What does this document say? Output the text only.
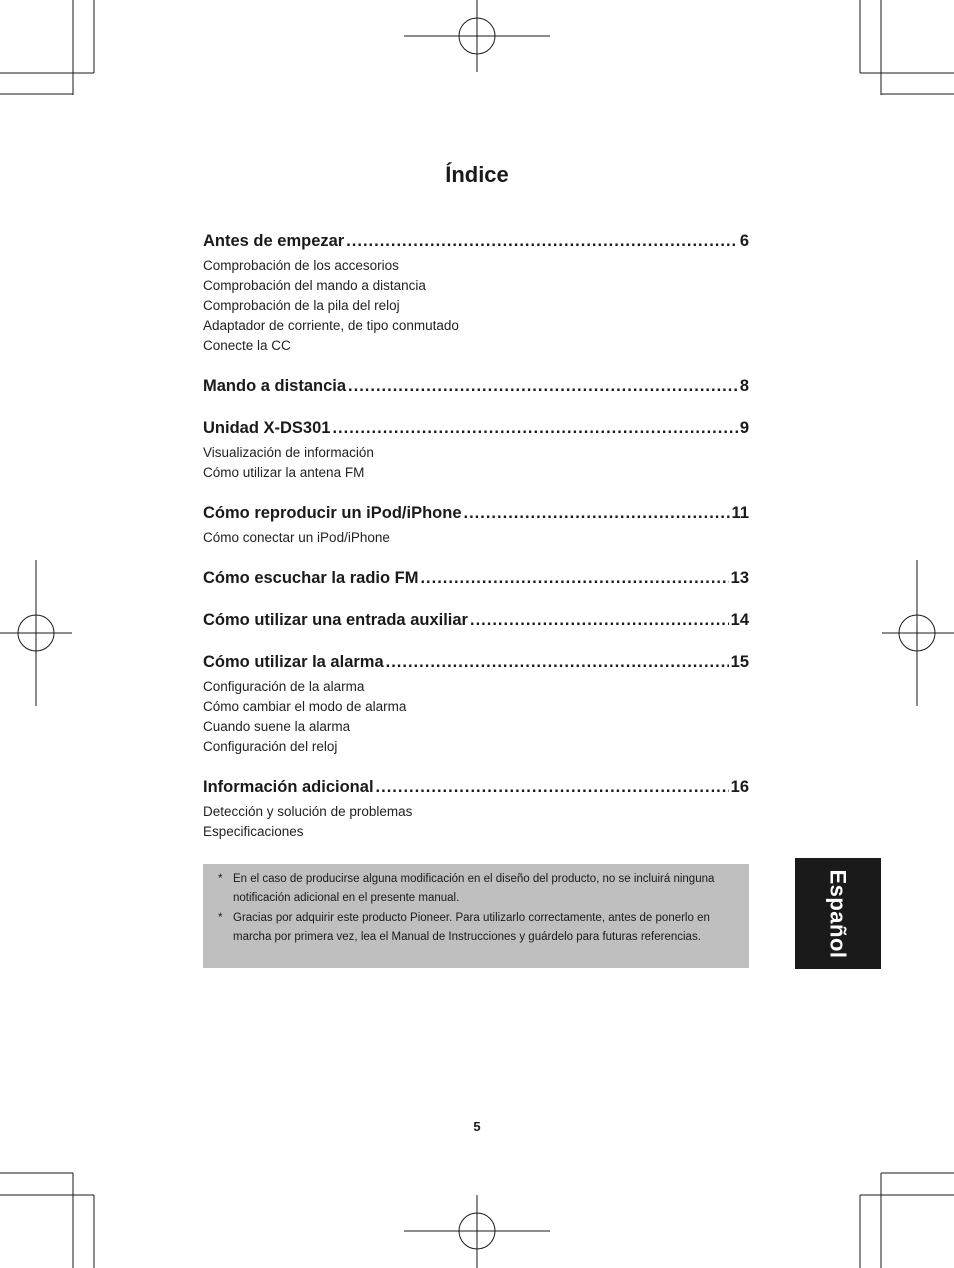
Índice
Antes de empezar .....	6
Comprobación de los accesorios
Comprobación del mando a distancia
Comprobación de la pila del reloj
Adaptador de corriente, de tipo conmutado
Conecte la CC
Mando a distancia .....	8
Unidad X-DS301 .....	9
Visualización de información
Cómo utilizar la antena FM
Cómo reproducir un iPod/iPhone .....	11
Cómo conectar un iPod/iPhone
Cómo escuchar la radio FM .....	13
Cómo utilizar una entrada auxiliar .....	14
Cómo utilizar la alarma .....	15
Configuración de la alarma
Cómo cambiar el modo de alarma
Cuando suene la alarma
Configuración del reloj
Información adicional .....	16
Detección y solución de problemas
Especificaciones
* En el caso de producirse alguna modificación en el diseño del producto, no se incluirá ninguna notificación adicional en el presente manual.
* Gracias por adquirir este producto Pioneer. Para utilizarlo correctamente, antes de ponerlo en marcha por primera vez, lea el Manual de Instrucciones y guárdelo para futuras referencias.	Español
5
